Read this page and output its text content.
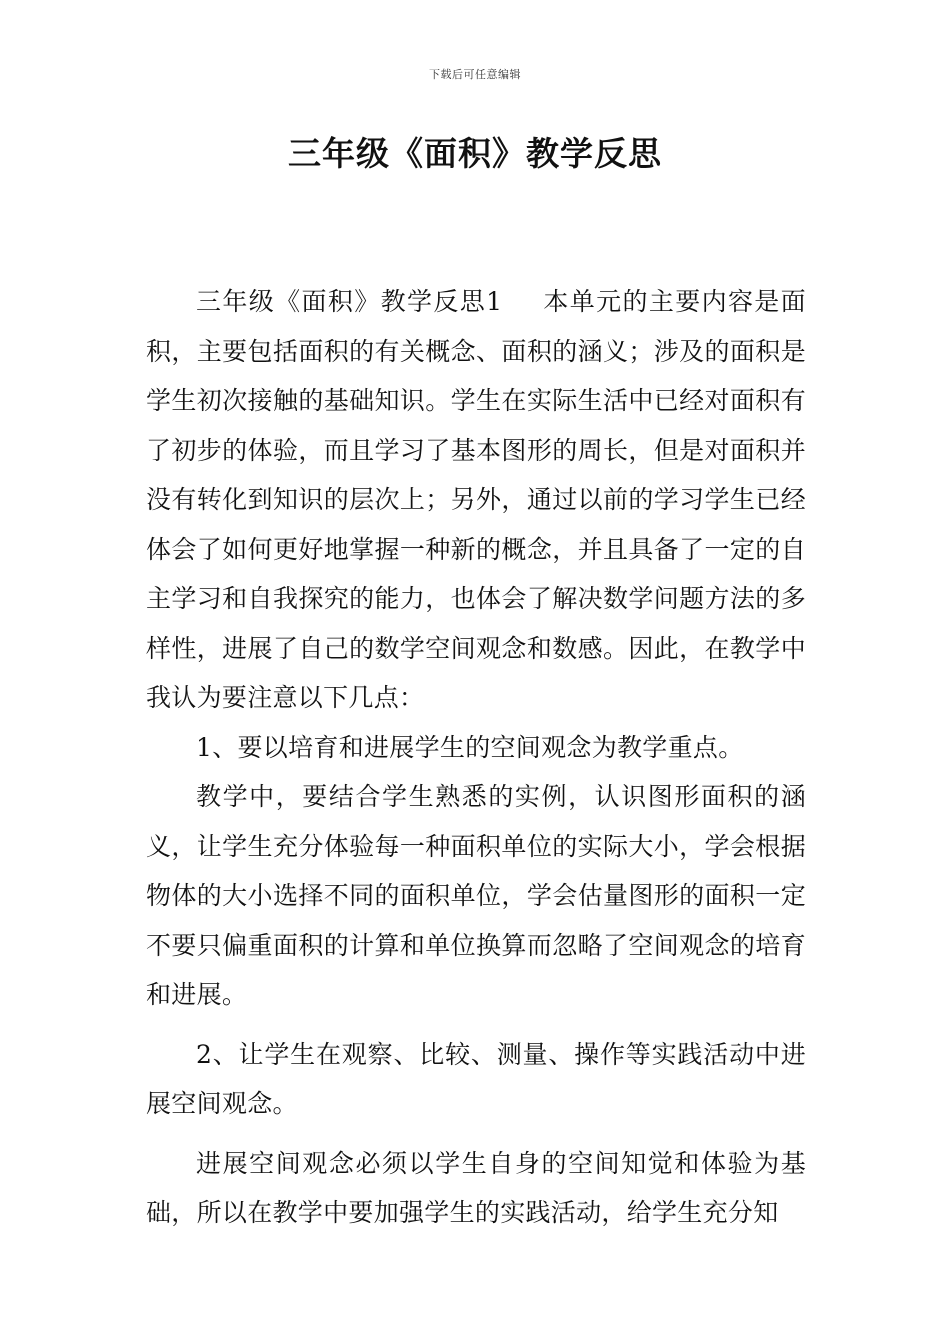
下载后可任意编辑
三年级《面积》教学反思

三年级《面积》教学反思1 本单元的主要内容是面积，主要包括面积的有关概念、面积的涵义；涉及的面积是学生初次接触的基础知识。学生在实际生活中已经对面积有了初步的体验，而且学习了基本图形的周长，但是对面积并没有转化到知识的层次上；另外，通过以前的学习学生已经体会了如何更好地掌握一种新的概念，并且具备了一定的自主学习和自我探究的能力，也体会了解决数学问题方法的多样性，进展了自己的数学空间观念和数感。因此，在教学中我认为要注意以下几点：

1、要以培育和进展学生的空间观念为教学重点。

教学中，要结合学生熟悉的实例，认识图形面积的涵义，让学生充分体验每一种面积单位的实际大小，学会根据物体的大小选择不同的面积单位，学会估量图形的面积一定不要只偏重面积的计算和单位换算而忽略了空间观念的培育和进展。

2、让学生在观察、比较、测量、操作等实践活动中进展空间观念。

进展空间观念必须以学生自身的空间知觉和体验为基础，所以在教学中要加强学生的实践活动，给学生充分知
